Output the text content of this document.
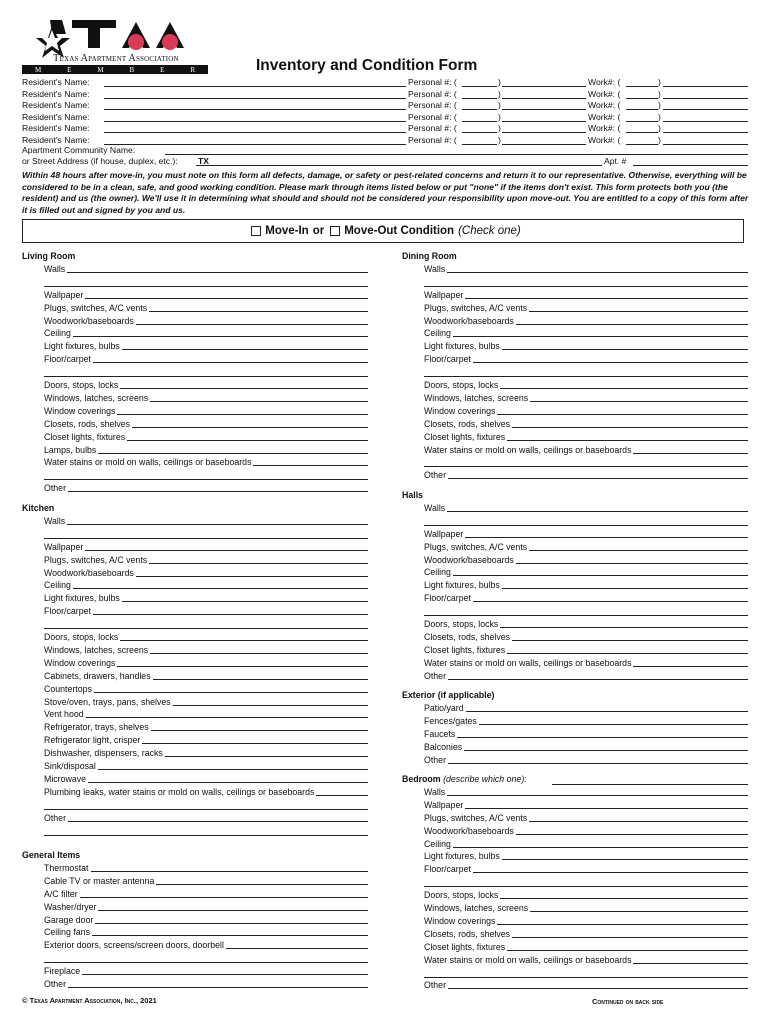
Texas Apartment Association
M	E	M	B	E	R	Inventory and Condition Form
Resident's Name:	Personal #: (	)	Work#: (	)
Resident's Name:	Personal #: (	)	Work#: (	)
Resident's Name:	Personal #: (	)	Work#: (	)
Resident's Name:	Personal #: (	)	Work#: (	)
Resident's Name:	Personal #: (	)	Work#: (	)
Resident's Name:	Personal #: (	)	Work#: (	)
Apartment Community Name:
or Street Address (if house, duplex, etc.): TX	Apt. #
Within 48 hours after move-in, you must note on this form all defects, damage, or safety or pest-related concerns and return it to our representative. Otherwise, everything will be considered to be in a clean, safe, and good working condition. Please mark through items listed below or put "none" if the items don't exist. This form protects both you (the resident) and us (the owner). We'll use it in determining what should and should not be considered your responsibility upon move-out. You are entitled to a copy of this form after it is filled out and signed by you and us.
Move-In or Move-Out Condition (Check one)
Living Room
Walls
Wallpaper
Plugs, switches, A/C vents
Woodwork/baseboards
Ceiling
Light fixtures, bulbs
Floor/carpet
Doors, stops, locks
Windows, latches, screens
Window coverings
Closets, rods, shelves
Closet lights, fixtures
Lamps, bulbs
Water stains or mold on walls, ceilings or baseboards
Other
Kitchen
Walls
Wallpaper
Plugs, switches, A/C vents
Woodwork/baseboards
Ceiling
Light fixtures, bulbs
Floor/carpet
Doors, stops, locks
Windows, latches, screens
Window coverings
Cabinets, drawers, handles
Countertops
Stove/oven, trays, pans, shelves
Vent hood
Refrigerator, trays, shelves
Refrigerator light, crisper
Dishwasher, dispensers, racks
Sink/disposal
Microwave
Plumbing leaks, water stains or mold on walls, ceilings or baseboards
Other
General Items
Thermostat
Cable TV or master antenna
A/C filter
Washer/dryer
Garage door
Ceiling fans
Exterior doors, screens/screen doors, doorbell
Fireplace
Other
Dining Room
Walls
Wallpaper
Plugs, switches, A/C vents
Woodwork/baseboards
Ceiling
Light fixtures, bulbs
Floor/carpet
Doors, stops, locks
Windows, latches, screens
Window coverings
Closets, rods, shelves
Closet lights, fixtures
Water stains or mold on walls, ceilings or baseboards
Other
Halls
Walls
Wallpaper
Plugs, switches, A/C vents
Woodwork/baseboards
Ceiling
Light fixtures, bulbs
Floor/carpet
Doors, stops, locks
Closets, rods, shelves
Closet lights, fixtures
Water stains or mold on walls, ceilings or baseboards
Other
Exterior (if applicable)
Patio/yard
Fences/gates
Faucets
Balconies
Other
Bedroom (describe which one):
Walls
Wallpaper
Plugs, switches, A/C vents
Woodwork/baseboards
Ceiling
Light fixtures, bulbs
Floor/carpet
Doors, stops, locks
Windows, latches, screens
Window coverings
Closets, rods, shelves
Closet lights, fixtures
Water stains or mold on walls, ceilings or baseboards
Other
© Texas Apartment Association, Inc., 2021	Continued on back side
